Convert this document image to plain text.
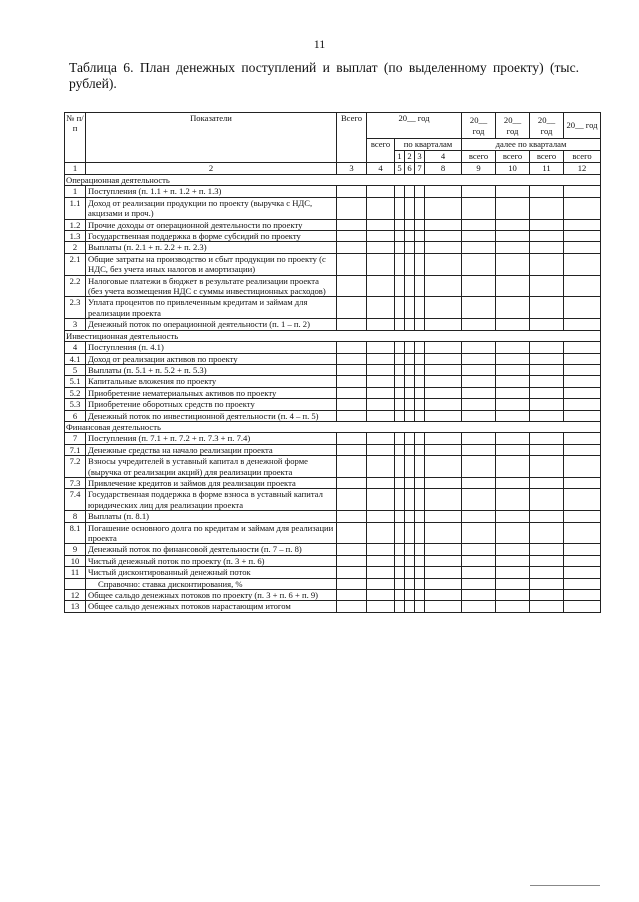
11
Таблица 6. План денежных поступлений и выплат (по выделенному проекту) (тыс. рублей).
№ п/п	Показатели	Всего	20__ год					20__ год	20__ год	20__ год	20__ год
			всего	по кварталам				далее по кварталам			
				1	2	3	4	всего	всего	всего	всего
1	2	3	4	5	6	7	8	9	10	11	12
Операционная деятельность											
1	Поступления (п. 1.1 + п. 1.2 + п. 1.3)										
1.1	Доход от реализации продукции по проекту (выручка с НДС, акцизами и проч.)										
1.2	Прочие доходы от операционной деятельности по проекту										
1.3	Государственная поддержка в форме субсидий по проекту										
2	Выплаты (п. 2.1 + п. 2.2 + п. 2.3)										
2.1	Общие затраты на производство и сбыт продукции по проекту (с НДС, без учета иных налогов и амортизации)										
2.2	Налоговые платежи в бюджет в результате реализации проекта (без учета возмещения НДС с суммы инвестиционных расходов)										
2.3	Уплата процентов по привлеченным кредитам и займам для реализации проекта										
3	Денежный поток по операционной деятельности (п. 1 – п. 2)										
Инвестиционная деятельность											
4	Поступления (п. 4.1)										
4.1	Доход от реализации активов по проекту										
5	Выплаты (п. 5.1 + п. 5.2 + п. 5.3)										
5.1	Капитальные вложения по проекту										
5.2	Приобретение нематериальных активов по проекту										
5.3	Приобретение оборотных средств по проекту										
6	Денежный поток по инвестиционной деятельности (п. 4 – п. 5)										
Финансовая деятельность											
7	Поступления (п. 7.1 + п. 7.2 + п. 7.3 + п. 7.4)										
7.1	Денежные средства на начало реализации проекта										
7.2	Взносы учредителей в уставный капитал в денежной форме (выручка от реализации акций) для реализации проекта										
7.3	Привлечение кредитов и займов для реализации проекта										
7.4	Государственная поддержка в форме взноса в уставный капитал юридических лиц для реализации проекта										
8	Выплаты (п. 8.1)										
8.1	Погашение основного долга по кредитам и займам для реализации проекта										
9	Денежный поток по финансовой деятельности (п. 7 – п. 8)										
10	Чистый денежный поток по проекту (п. 3 + п. 6)										
11	Чистый дисконтированный денежный поток										
	Справочно: ставка дисконтирования, %										
12	Общее сальдо денежных потоков по проекту (п. 3 + п. 6 + п. 9)										
13	Общее сальдо денежных потоков нарастающим итогом										
